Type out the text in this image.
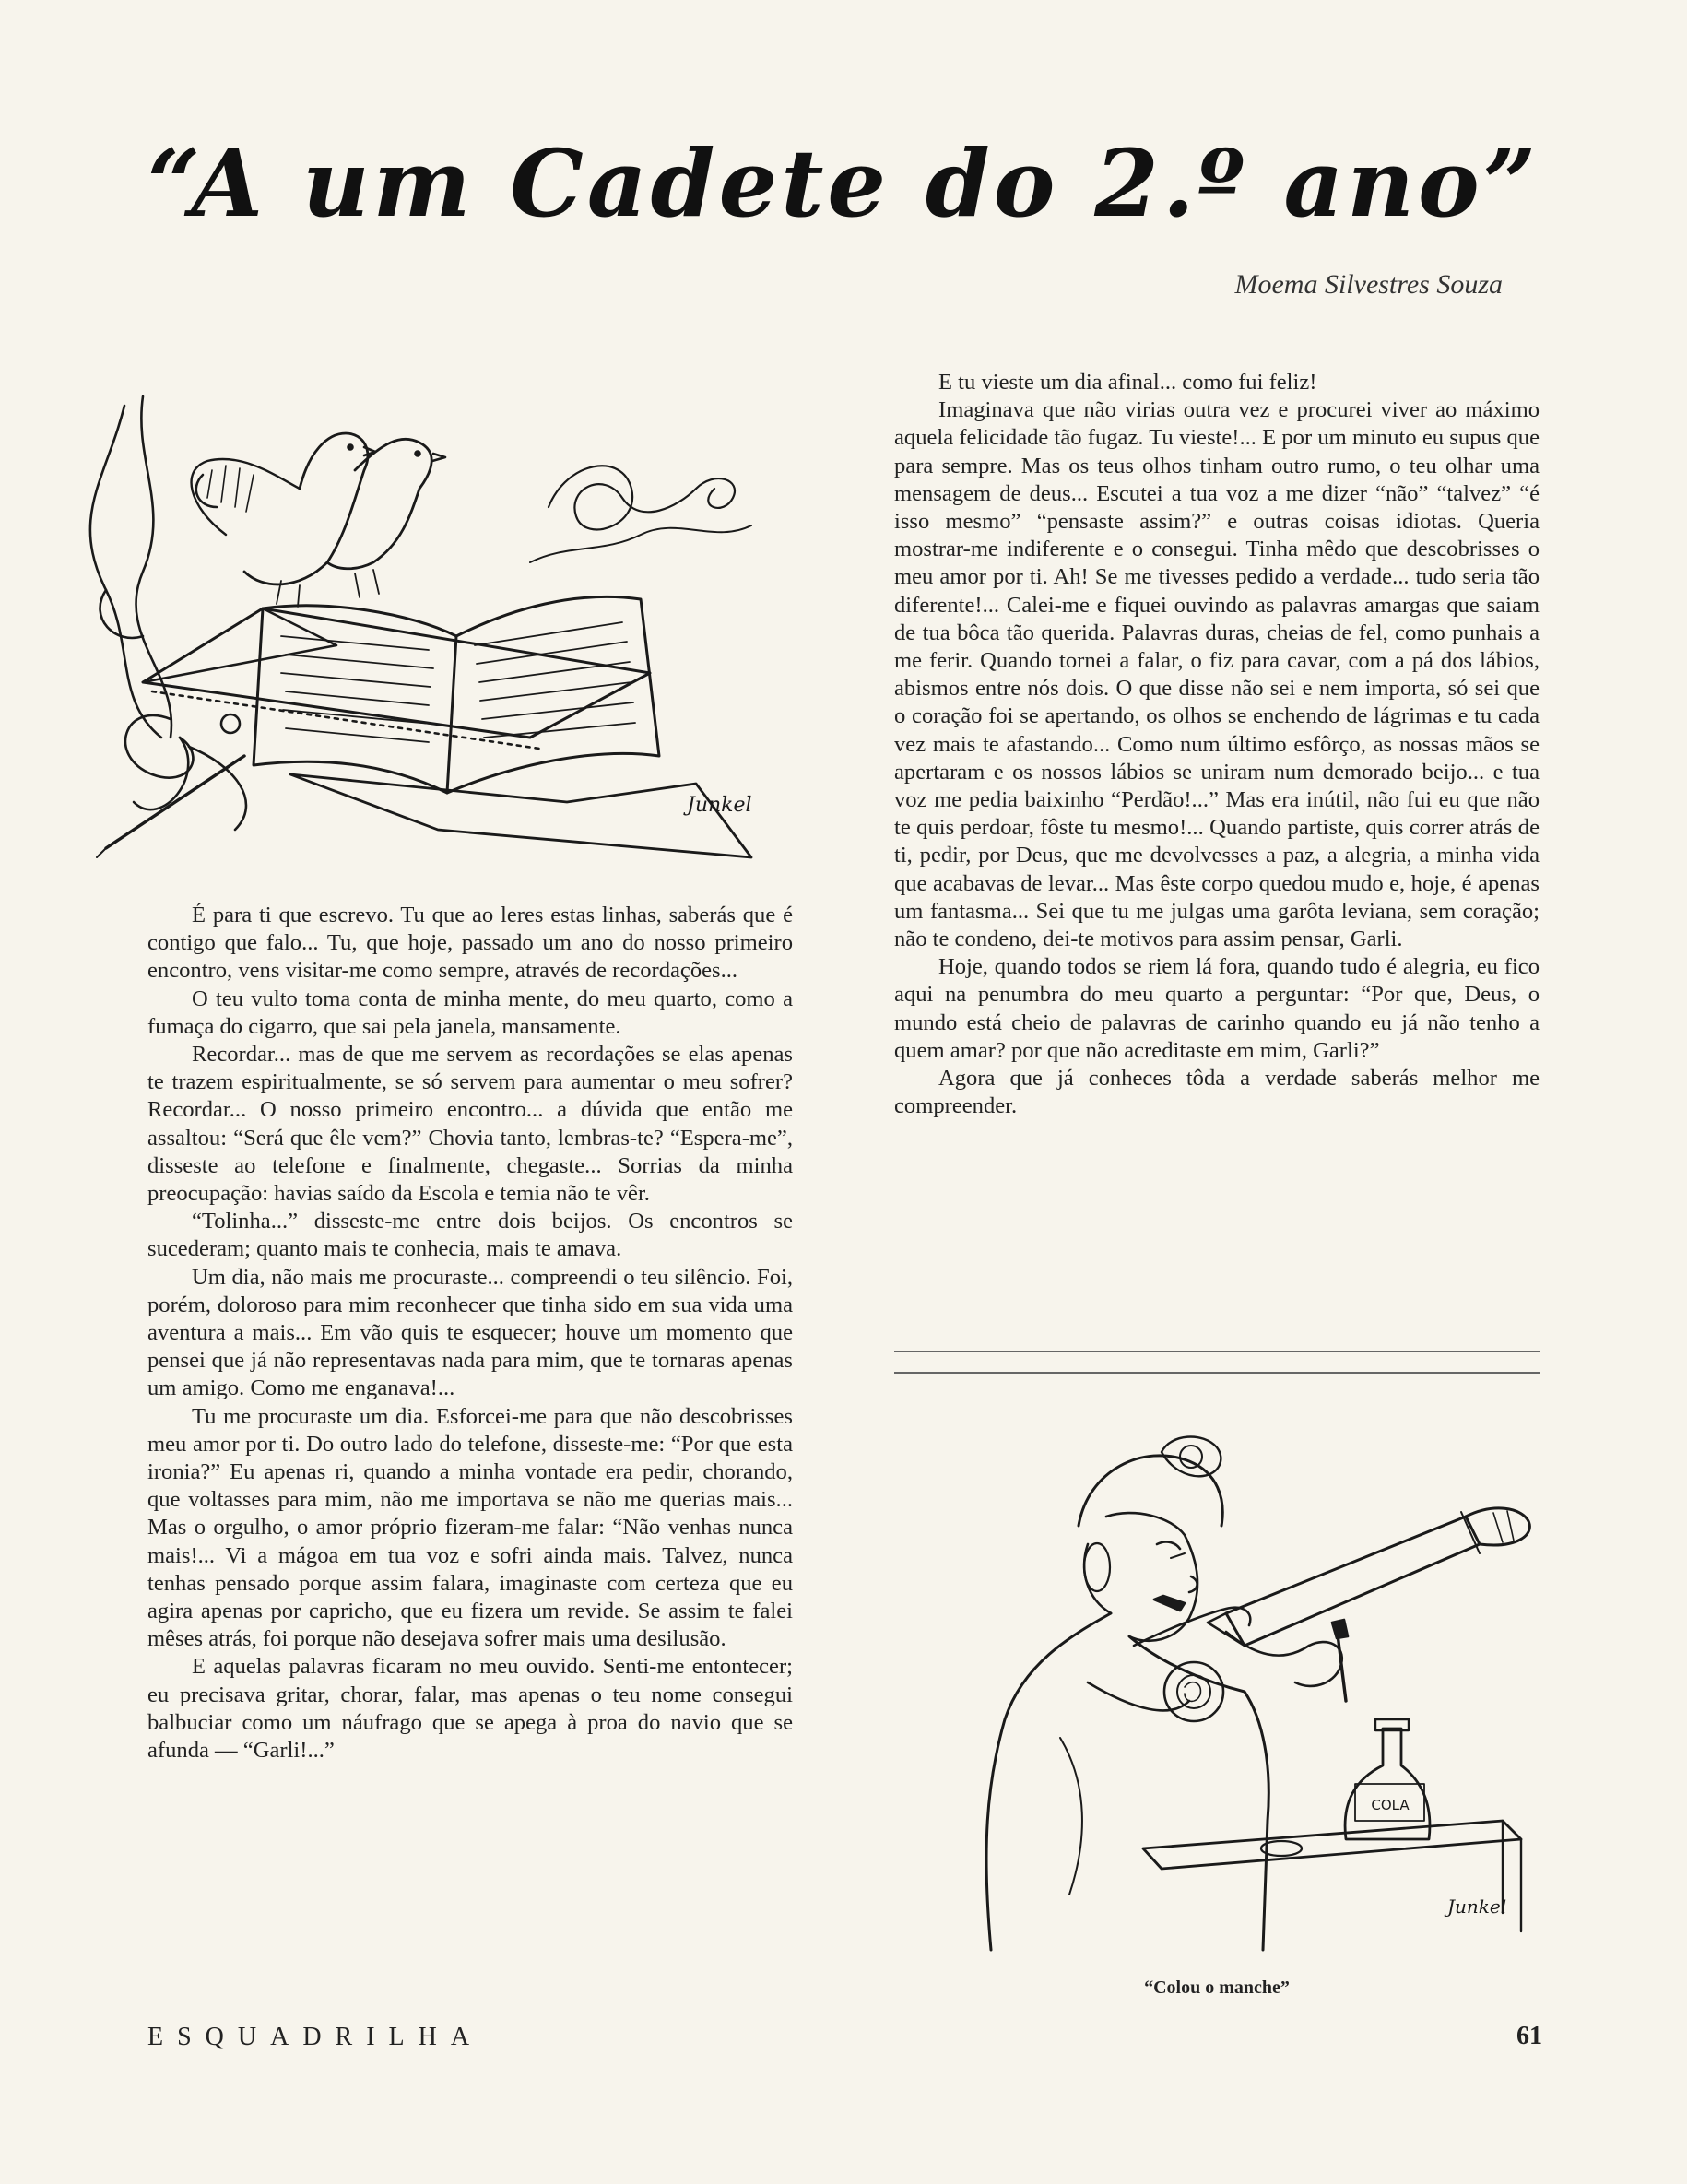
“A um Cadete do 2.º ano”
Moema Silvestres Souza
Junkel

É para ti que escrevo. Tu que ao leres estas linhas, saberás que é contigo que falo... Tu, que hoje, passado um ano do nosso primeiro encontro, vens visitar-me como sempre, através de recordações...

O teu vulto toma conta de minha mente, do meu quarto, como a fumaça do cigarro, que sai pela janela, mansamente.

Recordar... mas de que me servem as recordações se elas apenas te trazem espiritualmente, se só servem para aumentar o meu sofrer? Recordar... O nosso primeiro encontro... a dúvida que então me assaltou: “Será que êle vem?” Chovia tanto, lembras-te? “Espera-me”, disseste ao telefone e finalmente, chegaste... Sorrias da minha preocupação: havias saído da Escola e temia não te vêr.

“Tolinha...” disseste-me entre dois beijos. Os encontros se sucederam; quanto mais te conhecia, mais te amava.

Um dia, não mais me procuraste... compreendi o teu silêncio. Foi, porém, doloroso para mim reconhecer que tinha sido em sua vida uma aventura a mais... Em vão quis te esquecer; houve um momento que pensei que já não representavas nada para mim, que te tornaras apenas um amigo. Como me enganava!...

Tu me procuraste um dia. Esforcei-me para que não descobrisses meu amor por ti. Do outro lado do telefone, disseste-me: “Por que esta ironia?” Eu apenas ri, quando a minha vontade era pedir, chorando, que voltasses para mim, não me importava se não me querias mais... Mas o orgulho, o amor próprio fizeram-me falar: “Não venhas nunca mais!... Vi a mágoa em tua voz e sofri ainda mais. Talvez, nunca tenhas pensado porque assim falara, imaginaste com certeza que eu agira apenas por capricho, que eu fizera um revide. Se assim te falei mêses atrás, foi porque não desejava sofrer mais uma desilusão.

E aquelas palavras ficaram no meu ouvido. Senti-me entontecer; eu precisava gritar, chorar, falar, mas apenas o teu nome consegui balbuciar como um náufrago que se apega à proa do navio que se afunda — “Garli!...”

E tu vieste um dia afinal... como fui feliz!

Imaginava que não virias outra vez e procurei viver ao máximo aquela felicidade tão fugaz. Tu vieste!... E por um minuto eu supus que para sempre. Mas os teus olhos tinham outro rumo, o teu olhar uma mensagem de deus... Escutei a tua voz a me dizer “não” “talvez” “é isso mesmo” “pensaste assim?” e outras coisas idiotas. Queria mostrar-me indiferente e o consegui. Tinha mêdo que descobrisses o meu amor por ti. Ah! Se me tivesses pedido a verdade... tudo seria tão diferente!... Calei-me e fiquei ouvindo as palavras amargas que saiam de tua bôca tão querida. Palavras duras, cheias de fel, como punhais a me ferir. Quando tornei a falar, o fiz para cavar, com a pá dos lábios, abismos entre nós dois. O que disse não sei e nem importa, só sei que o coração foi se apertando, os olhos se enchendo de lágrimas e tu cada vez mais te afastando... Como num último esfôrço, as nossas mãos se apertaram e os nossos lábios se uniram num demorado beijo... e tua voz me pedia baixinho “Perdão!...” Mas era inútil, não fui eu que não te quis perdoar, fôste tu mesmo!... Quando partiste, quis correr atrás de ti, pedir, por Deus, que me devolvesses a paz, a alegria, a minha vida que acabavas de levar... Mas êste corpo quedou mudo e, hoje, é apenas um fantasma... Sei que tu me julgas uma garôta leviana, sem coração; não te condeno, dei-te motivos para assim pensar, Garli.

Hoje, quando todos se riem lá fora, quando tudo é alegria, eu fico aqui na penumbra do meu quarto a perguntar: “Por que, Deus, o mundo está cheio de palavras de carinho quando eu já não tenho a quem amar? por que não acreditaste em mim, Garli?”

Agora que já conheces tôda a verdade saberás melhor me compreender.

COLA
Junkel
“Colou o manche”
ESQUADRILHA	61
